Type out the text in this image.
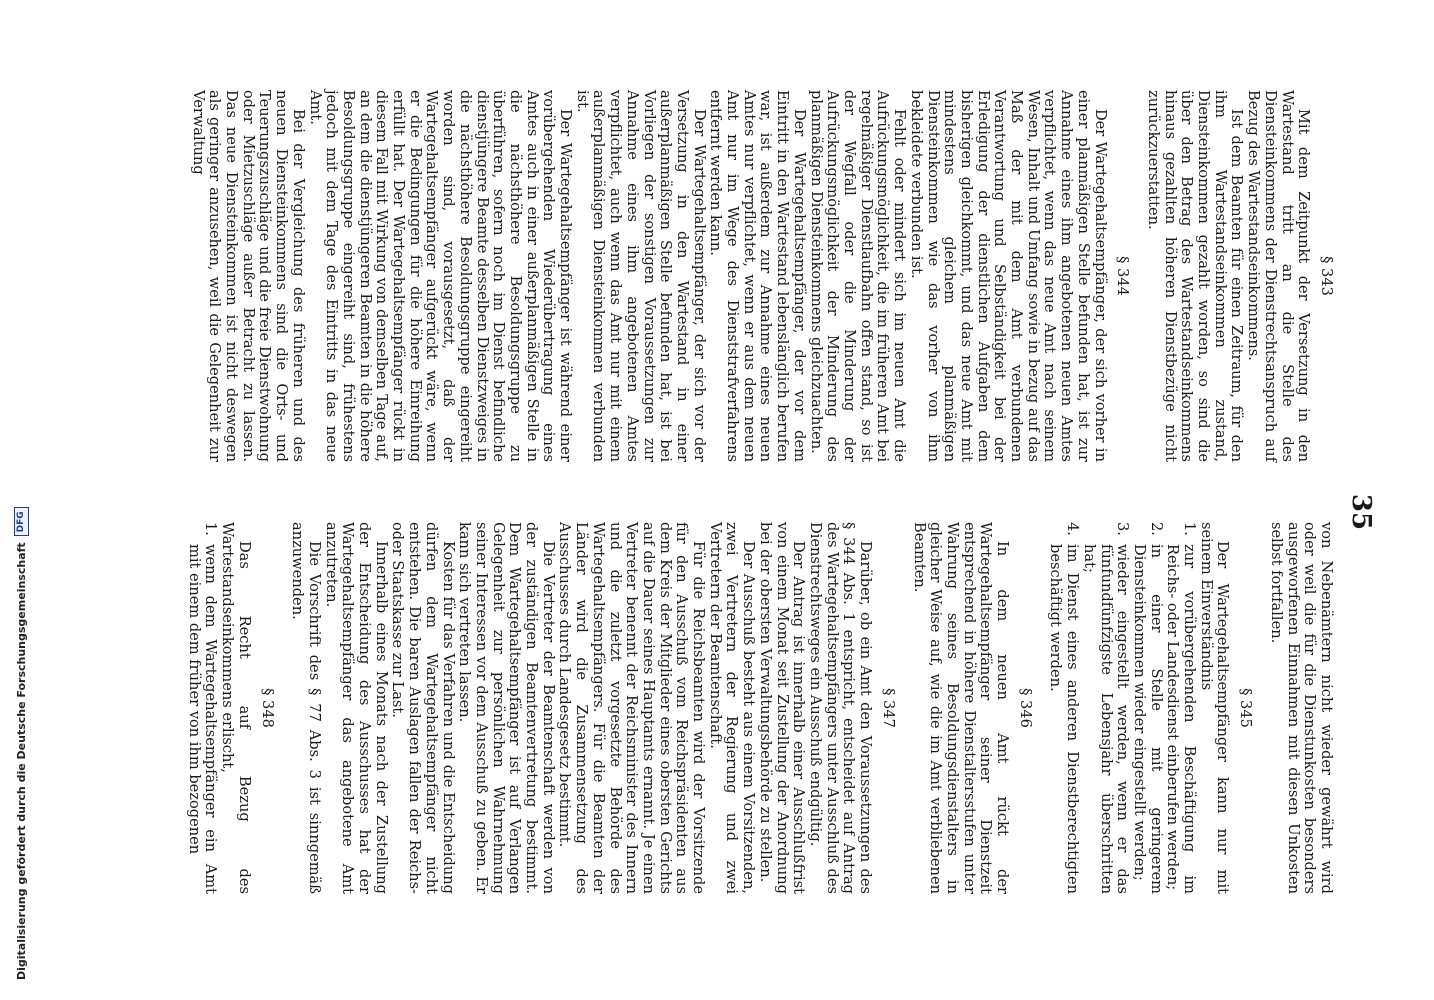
35
§ 343

Mit dem Zeitpunkt der Versetzung in den Wartestand tritt an die Stelle des Diensteinkommens der Dienstrechtsanspruch auf Bezug des Wartestandseinkommens.

Ist dem Beamten für einen Zeitraum, für den ihm Wartestandseinkommen zustand, Diensteinkommen gezahlt worden, so sind die über den Betrag des Wartestandseinkommens hinaus gezahlten höheren Dienstbezüge nicht zurückzuerstatten.

§ 344

Der Wartegehaltsempfänger, der sich vorher in einer planmäßigen Stelle befunden hat, ist zur Annahme eines ihm angebotenen neuen Amtes verpflichtet, wenn das neue Amt nach seinem Wesen, Inhalt und Umfang sowie in bezug auf das Maß der mit dem Amt verbundenen Verantwortung und Selbständigkeit bei der Erledigung der dienstlichen Aufgaben dem bisherigen gleichkommt, und das neue Amt mit mindestens gleichem planmäßigen Diensteinkommen wie das vorher von ihm bekleidete verbunden ist.

Fehlt oder mindert sich im neuen Amt die Aufrückungsmöglichkeit, die im früheren Amt bei regelmäßiger Dienstlaufbahn offen stand, so ist der Wegfall oder die Minderung der Aufrückungsmöglichkeit der Minderung des planmäßigen Diensteinkommens gleichzuachten.

Der Wartegehaltsempfänger, der vor dem Eintritt in den Wartestand lebenslänglich berufen war, ist außerdem zur Annahme eines neuen Amtes nur verpflichtet, wenn er aus dem neuen Amt nur im Wege des Dienststrafverfahrens entfernt werden kann.

Der Wartegehaltsempfänger, der sich vor der Versetzung in den Wartestand in einer außerplanmäßigen Stelle befunden hat, ist bei Vorliegen der sonstigen Voraussetzungen zur Annahme eines ihm angebotenen Amtes verpflichtet, auch wenn das Amt nur mit einem außerplanmäßigen Diensteinkommen verbunden ist.

Der Wartegehaltsempfänger ist während einer vorübergehenden Wiederübertragung eines Amtes auch in einer außerplanmäßigen Stelle in die nächsthöhere Besoldungsgruppe zu überführen, sofern noch im Dienst befindliche dienstjüngere Beamte desselben Dienstzweiges in die nächsthöhere Besoldungsgruppe eingereiht worden sind, vorausgesetzt, daß der Wartegehaltsempfänger aufgerückt wäre, wenn er die Bedingungen für die höhere Einreihung erfüllt hat. Der Wartegehaltsempfänger rückt in diesem Fall mit Wirkung von demselben Tage auf, an dem die dienstjüngeren Beamten in die höhere Besoldungsgruppe eingereiht sind, frühestens jedoch mit dem Tage des Eintritts in das neue Amt.

Bei der Vergleichung des früheren und des neuen Diensteinkommens sind die Orts- und Teuerungszuschläge und die freie Dienstwohnung oder Mietzuschläge außer Betracht zu lassen. Das neue Diensteinkommen ist nicht deswegen als geringer anzusehen, weil die Gelegenheit zur Verwaltung

von Nebenämtern nicht wieder gewährt wird oder weil die für die Dienstunkosten besonders ausgeworfenen Einnahmen mit diesen Unkosten selbst fortfallen.

§ 345

Der Wartegehaltsempfänger kann nur mit seinem Einverständnis

1.
zur vorübergehenden Beschäftigung im Reichs- oder Landesdienst einberufen werden;
2.
in einer Stelle mit geringerem Diensteinkommen wieder eingestellt werden;
3.
wieder eingestellt werden, wenn er das fünfundfünfzigste Lebensjahr überschritten hat;
4.
im Dienst eines anderen Dienstberechtigten beschäftigt werden.
§ 346

In dem neuen Amt rückt der Wartegehaltsempfänger seiner Dienstzeit entsprechend in höhere Dienstaltersstufen unter Wahrung seines Besoldungsdienstalters in gleicher Weise auf, wie die im Amt verbliebenen Beamten.

§ 347

Darüber, ob ein Amt den Voraussetzungen des § 344 Abs. 1 entspricht, entscheidet auf Antrag des Wartegehaltsempfängers unter Ausschluß des Dienstrechtsweges ein Ausschuß endgültig.

Der Antrag ist innerhalb einer Ausschlußfrist von einem Monat seit Zustellung der Anordnung bei der obersten Verwaltungsbehörde zu stellen.

Der Ausschuß besteht aus einem Vorsitzenden, zwei Vertretern der Regierung und zwei Vertretern der Beamtenschaft.

Für die Reichsbeamten wird der Vorsitzende für den Ausschuß vom Reichspräsidenten aus dem Kreis der Mitglieder eines obersten Gerichts auf die Dauer seines Hauptamts ernannt. Je einen Vertreter benennt der Reichsminister des Innern und die zuletzt vorgesetzte Behörde des Wartegehaltsempfängers. Für die Beamten der Länder wird die Zusammensetzung des Ausschusses durch Landesgesetz bestimmt.

Die Vertreter der Beamtenschaft werden von der zuständigen Beamtenvertretung bestimmt. Dem Wartegehaltsempfänger ist auf Verlangen Gelegenheit zur persönlichen Wahrnehmung seiner Interessen vor dem Ausschuß zu geben. Er kann sich vertreten lassen.

Kosten für das Verfahren und die Entscheidung dürfen dem Wartegehaltsempfänger nicht entstehen. Die baren Auslagen fallen der Reichs- oder Staatskasse zur Last.

Innerhalb eines Monats nach der Zustellung der Entscheidung des Ausschusses hat der Wartegehaltsempfänger das angebotene Amt anzutreten.

Die Vorschrift des § 77 Abs. 3 ist sinngemäß anzuwenden.

§ 348

Das Recht auf Bezug des Wartestandseinkommens erlischt,

1.
wenn dem Wartegehaltsempfänger ein Amt mit einem dem früher von ihm bezogenen
Digitalisierung gefördert durch die Deutsche Forschungsgemeinschaft
DFG
